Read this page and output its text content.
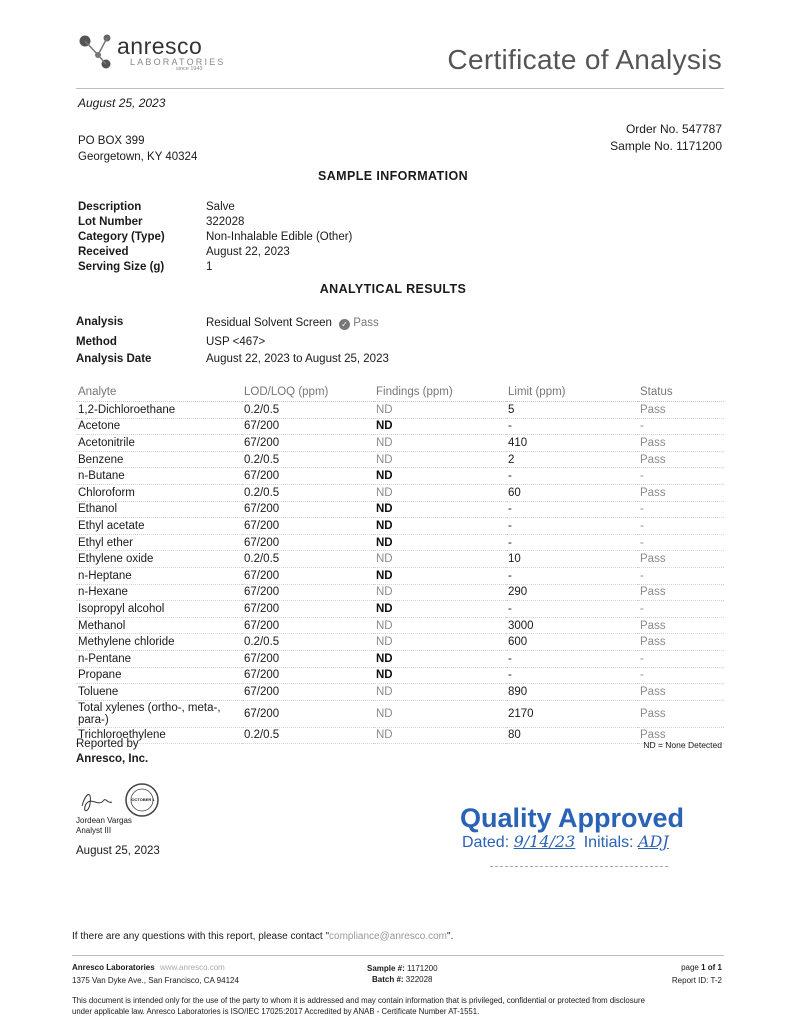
anresco
LABORATORIES
since 1943	Certificate of Analysis
August 25, 2023
PO BOX 399
Georgetown, KY 40324
Order No. 547787
Sample No. 1171200
SAMPLE INFORMATION
Description	Salve
Lot Number	322028
Category (Type)	Non-Inhalable Edible (Other)
Received	August 22, 2023
Serving Size (g)	1
ANALYTICAL RESULTS
Analysis	Residual Solvent Screen ✓ Pass
Method	USP <467>
Analysis Date	August 22, 2023 to August 25, 2023
Analyte	LOD/LOQ (ppm)	Findings (ppm)	Limit (ppm)	Status
1,2-Dichloroethane	0.2/0.5	ND	5	Pass
Acetone	67/200	ND	-	-
Acetonitrile	67/200	ND	410	Pass
Benzene	0.2/0.5	ND	2	Pass
n-Butane	67/200	ND	-	-
Chloroform	0.2/0.5	ND	60	Pass
Ethanol	67/200	ND	-	-
Ethyl acetate	67/200	ND	-	-
Ethyl ether	67/200	ND	-	-
Ethylene oxide	0.2/0.5	ND	10	Pass
n-Heptane	67/200	ND	-	-
n-Hexane	67/200	ND	290	Pass
Isopropyl alcohol	67/200	ND	-	-
Methanol	67/200	ND	3000	Pass
Methylene chloride	0.2/0.5	ND	600	Pass
n-Pentane	67/200	ND	-	-
Propane	67/200	ND	-	-
Toluene	67/200	ND	890	Pass
Total xylenes (ortho-, meta-, para-)	67/200	ND	2170	Pass
Trichloroethylene	0.2/0.5	ND	80	Pass
ND = None Detected
Reported by
Anresco, Inc.
OCTOBER 1
Jordean Vargas
Analyst III
August 25, 2023
Quality Approved
Dated: 9/14/23 Initials: ADJ
If there are any questions with this report, please contact "compliance@anresco.com".
Anresco Laboratories www.anresco.com
1375 Van Dyke Ave., San Francisco, CA 94124
Sample #: 1171200
Batch #: 322028
page 1 of 1
Report ID: T-2
This document is intended only for the use of the party to whom it is addressed and may contain information that is privileged, confidential or protected from disclosure
under applicable law. Anresco Laboratories is ISO/IEC 17025:2017 Accredited by ANAB - Certificate Number AT-1551.
